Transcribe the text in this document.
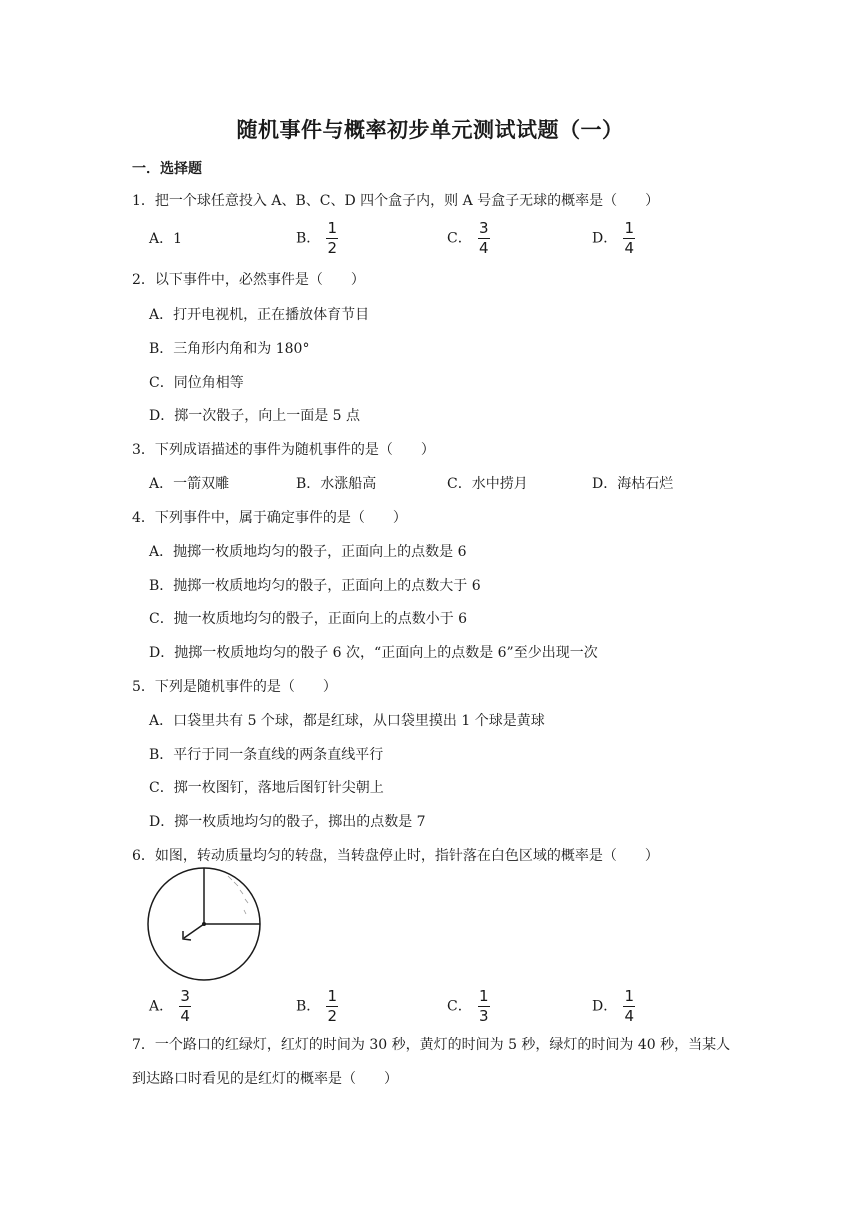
随机事件与概率初步单元测试试题（一）
一．选择题
1．把一个球任意投入 A、B、C、D 四个盒子内，则 A 号盒子无球的概率是（　　）
A．1	B． $\frac{1}{2}$	C． $\frac{3}{4}$	D． $\frac{1}{4}$
2．以下事件中，必然事件是（　　）
A．打开电视机，正在播放体育节目
B．三角形内角和为 180°
C．同位角相等
D．掷一次骰子，向上一面是 5 点
3．下列成语描述的事件为随机事件的是（　　）
A．一箭双雕	B．水涨船高	C．水中捞月	D．海枯石烂
4．下列事件中，属于确定事件的是（　　）
A．抛掷一枚质地均匀的骰子，正面向上的点数是 6
B．抛掷一枚质地均匀的骰子，正面向上的点数大于 6
C．抛一枚质地均匀的骰子，正面向上的点数小于 6
D．抛掷一枚质地均匀的骰子 6 次，“正面向上的点数是 6”至少出现一次
5．下列是随机事件的是（　　）
A．口袋里共有 5 个球，都是红球，从口袋里摸出 1 个球是黄球
B．平行于同一条直线的两条直线平行
C．掷一枚图钉，落地后图钉针尖朝上
D．掷一枚质地均匀的骰子，掷出的点数是 7
6．如图，转动质量均匀的转盘，当转盘停止时，指针落在白色区域的概率是（　　）
A． $\frac{3}{4}$	B． $\frac{1}{2}$	C． $\frac{1}{3}$	D． $\frac{1}{4}$
7．一个路口的红绿灯，红灯的时间为 30 秒，黄灯的时间为 5 秒，绿灯的时间为 40 秒，当某人到达路口时看见的是红灯的概率是（　　）
